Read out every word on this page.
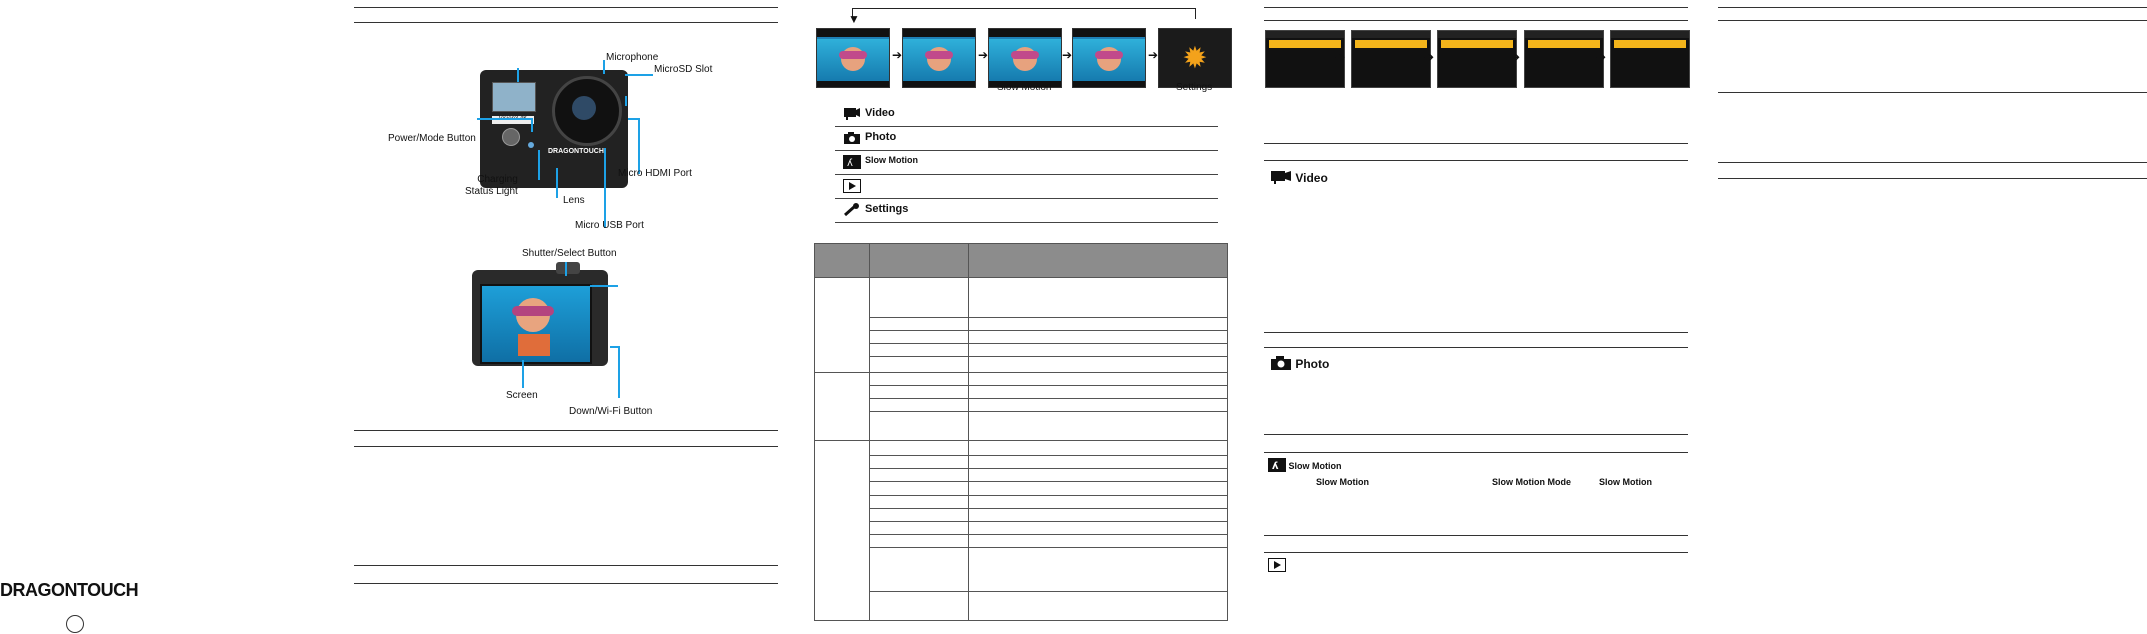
DRAGONTOUCH
Microphone
MicroSD Slot
Power/Mode Button
Micro HDMI Port
Charging
Status Light
Lens
Micro USB Port
Shutter/Select Button
Screen
Down/Wi-Fi Button
DRAGONTOUCH
▼
➔	➔	➔	➔ ✹
Slow Motion	Settings
Video
Photo
ʎ Slow Motion
Settings

➔	➔	➔	➔
Video
Photo
ʎ Slow Motion
Slow Motion	Slow Motion Mode	Slow Motion
